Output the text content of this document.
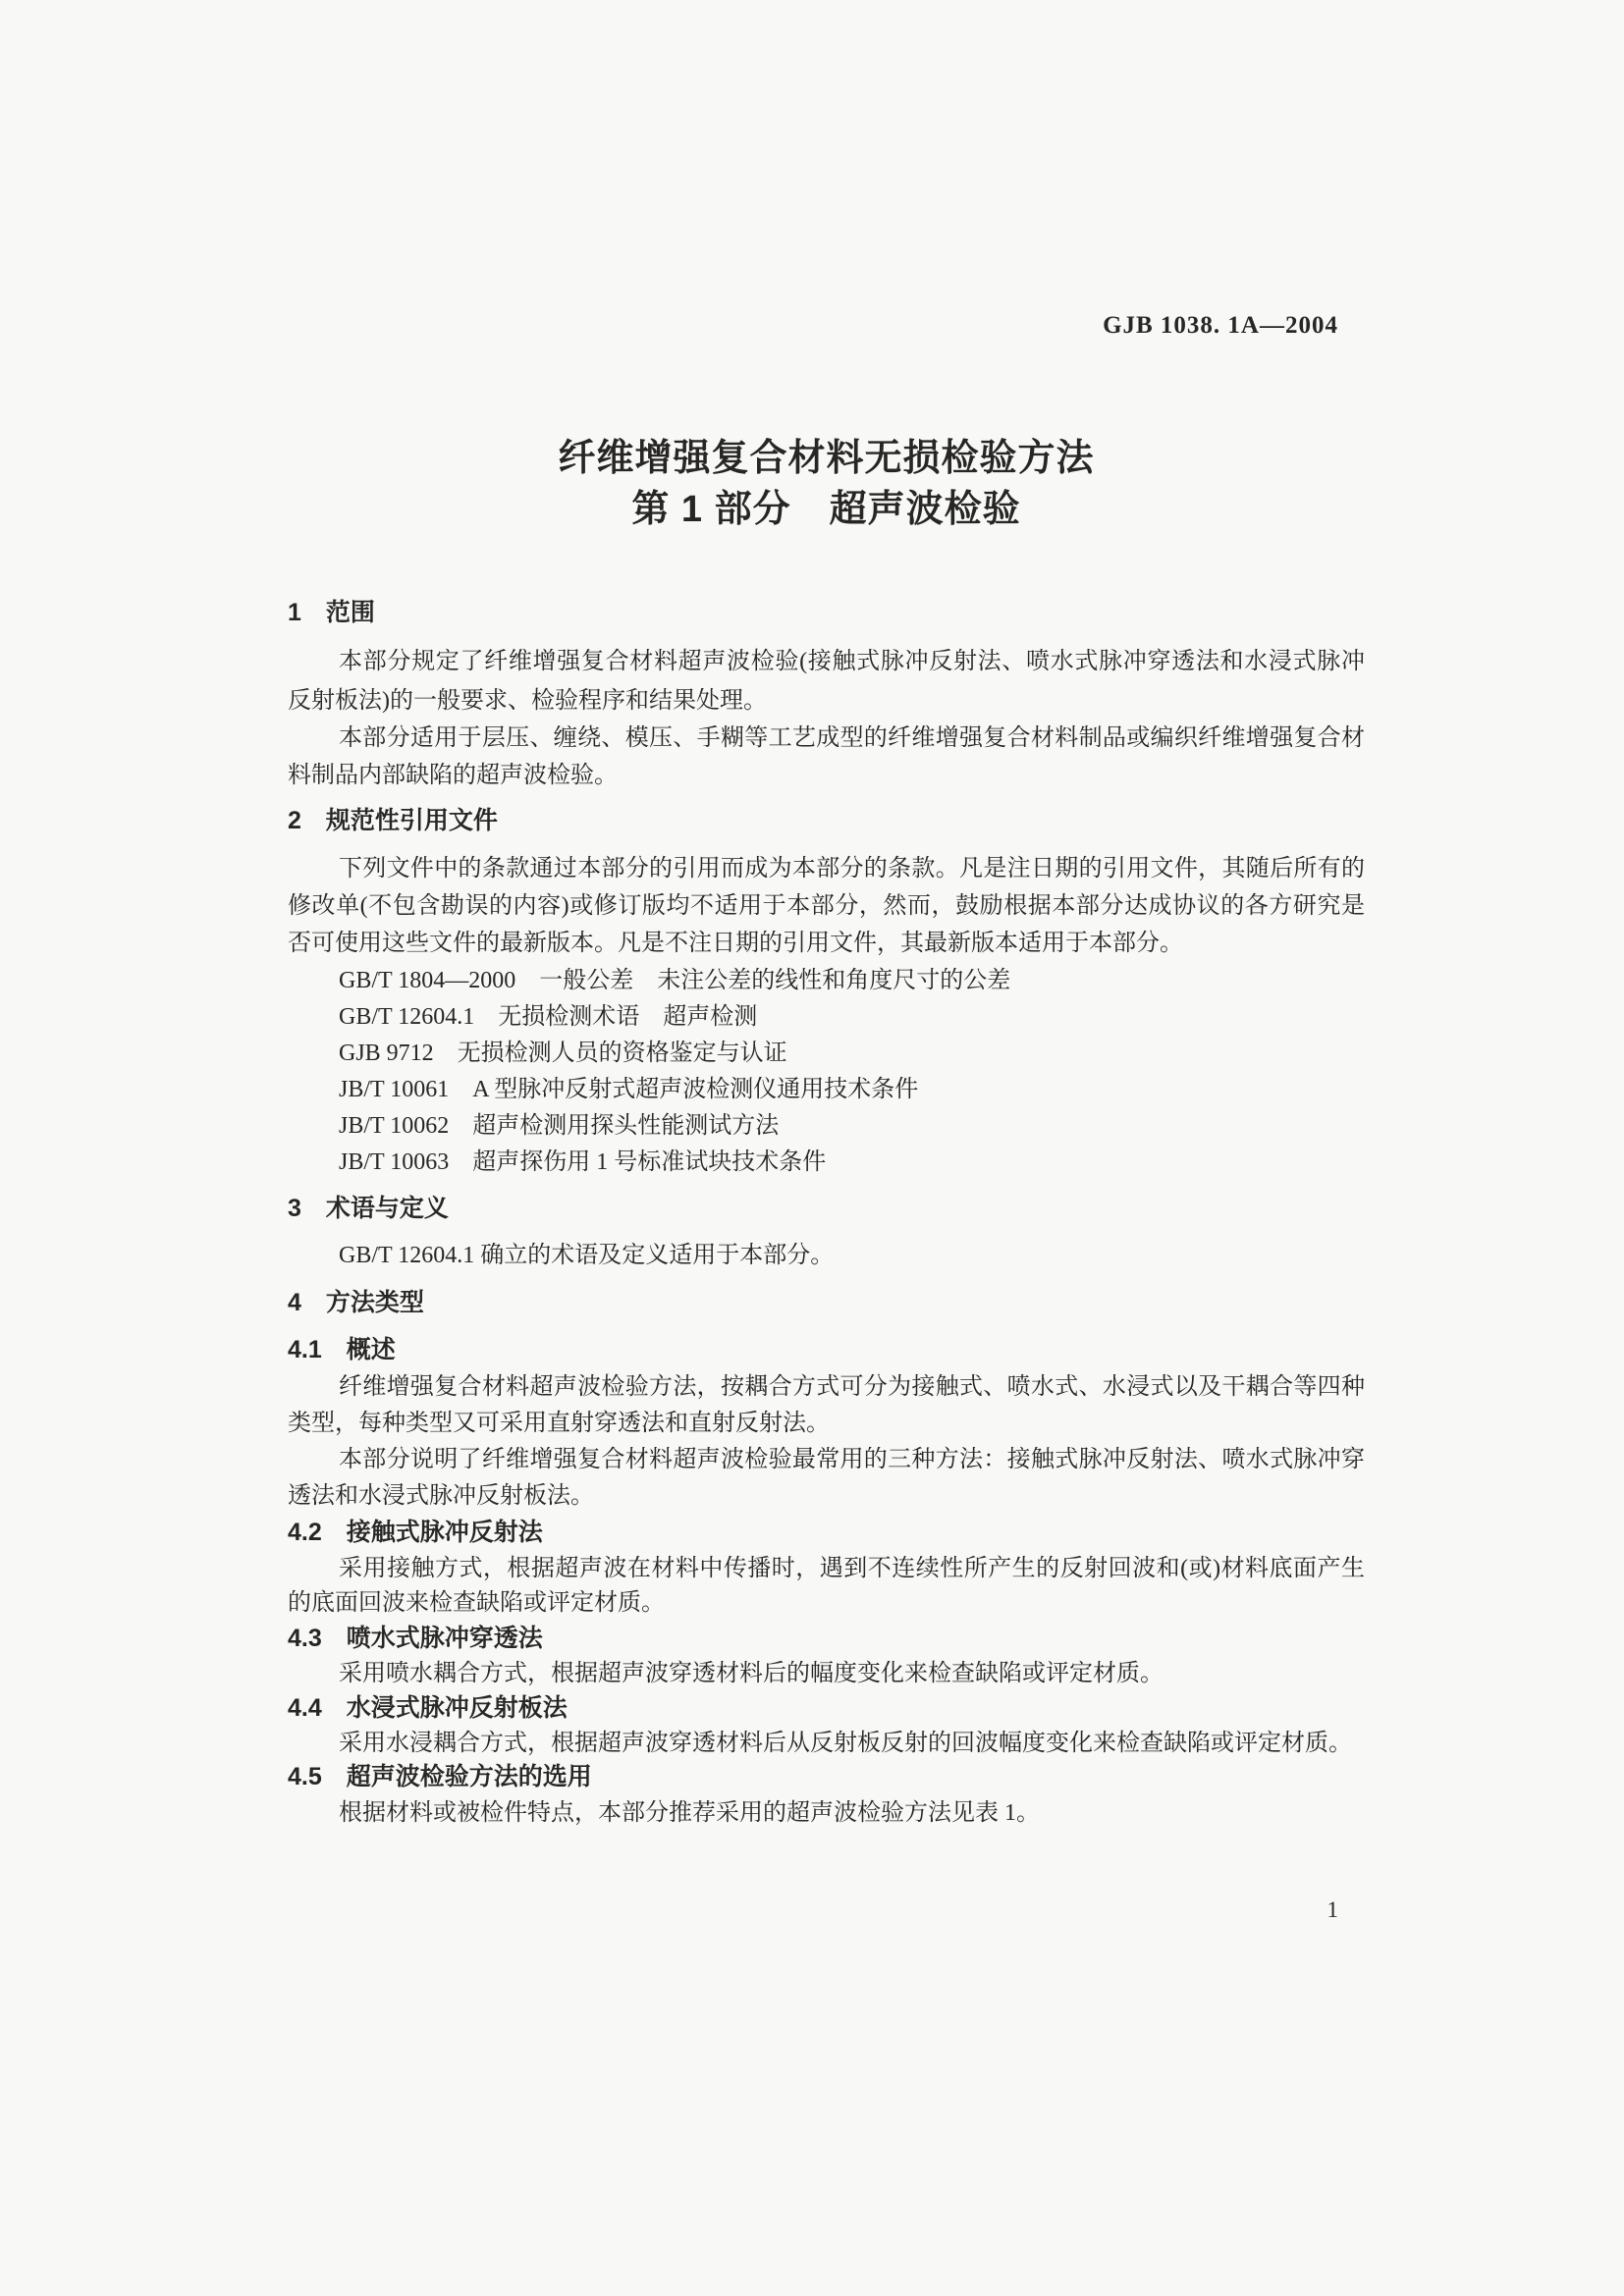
GJB 1038. 1A—2004
纤维增强复合材料无损检验方法
第 1 部分　超声波检验
1　范围
本部分规定了纤维增强复合材料超声波检验(接触式脉冲反射法、喷水式脉冲穿透法和水浸式脉冲
反射板法)的一般要求、检验程序和结果处理。
本部分适用于层压、缠绕、模压、手糊等工艺成型的纤维增强复合材料制品或编织纤维增强复合材
料制品内部缺陷的超声波检验。
2　规范性引用文件
下列文件中的条款通过本部分的引用而成为本部分的条款。凡是注日期的引用文件，其随后所有的
修改单(不包含勘误的内容)或修订版均不适用于本部分，然而，鼓励根据本部分达成协议的各方研究是
否可使用这些文件的最新版本。凡是不注日期的引用文件，其最新版本适用于本部分。
GB/T 1804—2000　一般公差　未注公差的线性和角度尺寸的公差
GB/T 12604.1　无损检测术语　超声检测
GJB 9712　无损检测人员的资格鉴定与认证
JB/T 10061　A 型脉冲反射式超声波检测仪通用技术条件
JB/T 10062　超声检测用探头性能测试方法
JB/T 10063　超声探伤用 1 号标准试块技术条件
3　术语与定义
GB/T 12604.1 确立的术语及定义适用于本部分。
4　方法类型
4.1　概述
纤维增强复合材料超声波检验方法，按耦合方式可分为接触式、喷水式、水浸式以及干耦合等四种
类型，每种类型又可采用直射穿透法和直射反射法。
本部分说明了纤维增强复合材料超声波检验最常用的三种方法：接触式脉冲反射法、喷水式脉冲穿
透法和水浸式脉冲反射板法。
4.2　接触式脉冲反射法
采用接触方式，根据超声波在材料中传播时，遇到不连续性所产生的反射回波和(或)材料底面产生
的底面回波来检查缺陷或评定材质。
4.3　喷水式脉冲穿透法
采用喷水耦合方式，根据超声波穿透材料后的幅度变化来检查缺陷或评定材质。
4.4　水浸式脉冲反射板法
采用水浸耦合方式，根据超声波穿透材料后从反射板反射的回波幅度变化来检查缺陷或评定材质。
4.5　超声波检验方法的选用
根据材料或被检件特点，本部分推荐采用的超声波检验方法见表 1。
1
